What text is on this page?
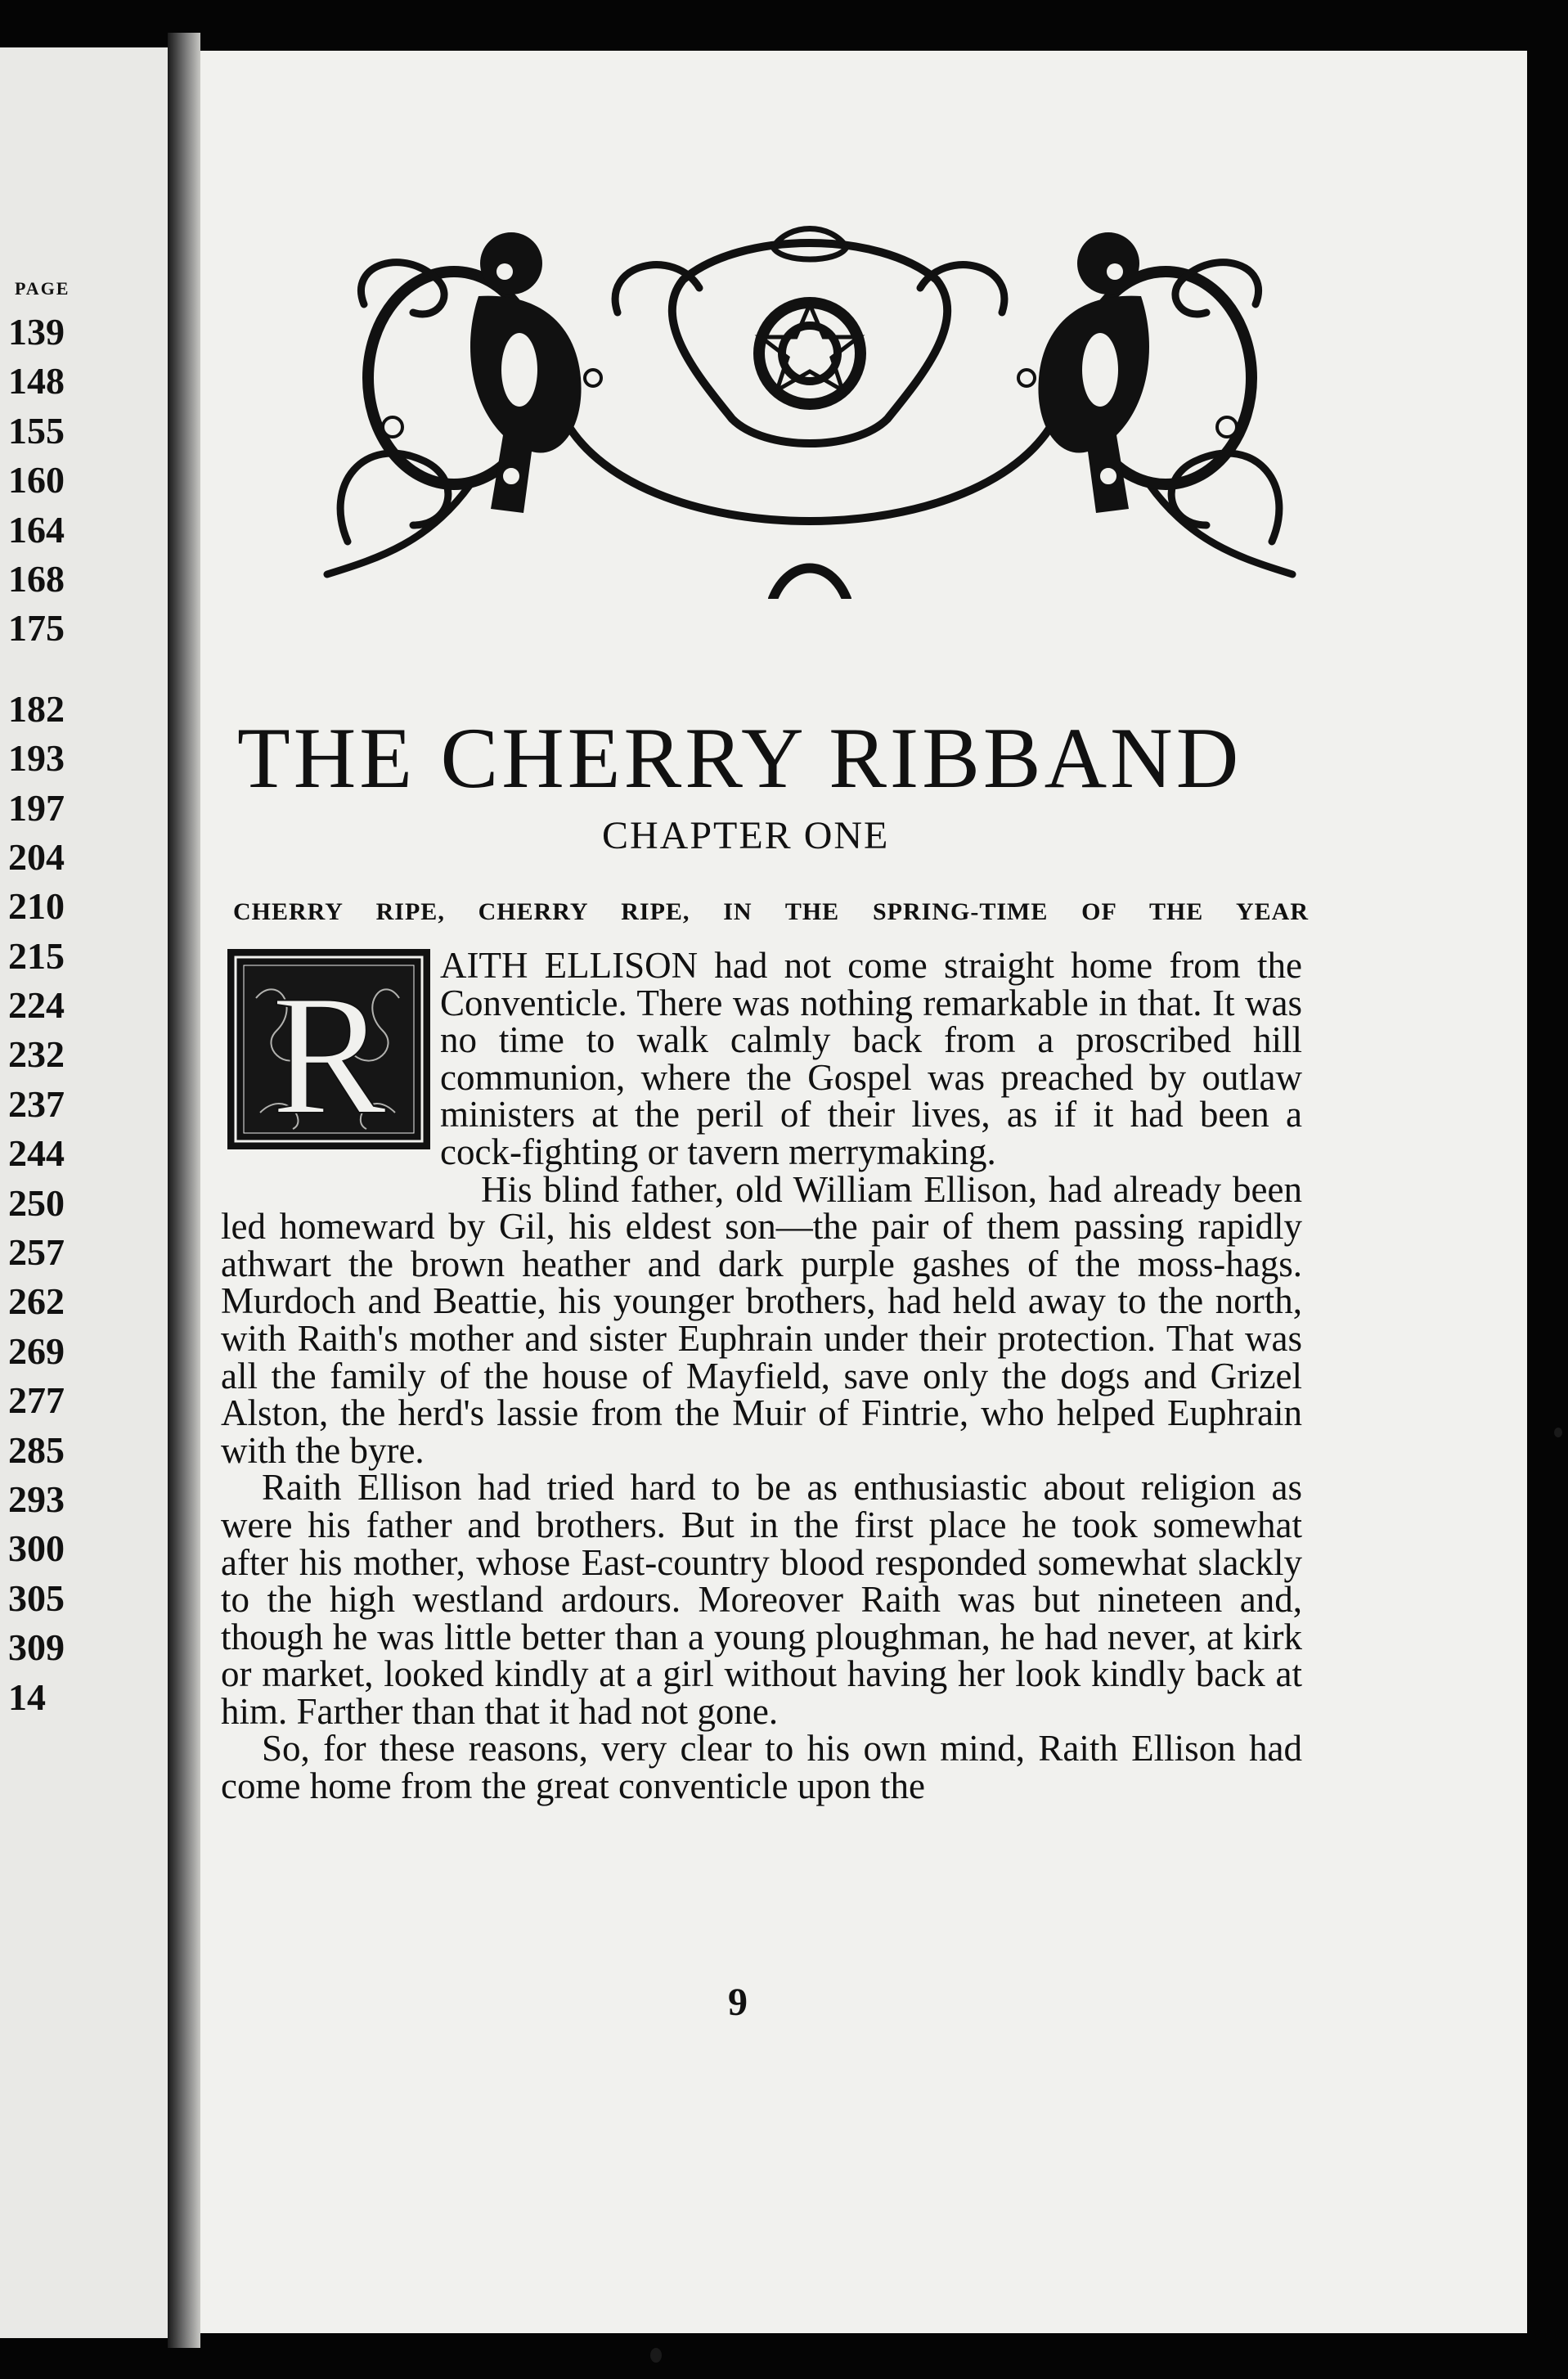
PAGE
139
148
155
160
164
168
175
182
193
197
204
210
215
224
232
237
244
250
257
262
269
277
285
293
300
305
309
14
THE CHERRY RIBBAND
CHAPTER ONE
CHERRY RIPE, CHERRY RIPE, IN THE SPRING-TIME OF THE YEAR
R	AITH ELLISON had not come straight home from the Conventicle. There was nothing remarkable in that. It was no time to walk calmly back from a proscribed hill communion, where the Gospel was preached by outlaw ministers at the peril of their lives, as if it had been a cock-fighting or tavern merrymaking.

His blind father, old William Ellison, had already been led homeward by Gil, his eldest son—the pair of them passing rapidly athwart the brown heather and dark purple gashes of the moss-hags. Murdoch and Beattie, his younger brothers, had held away to the north, with Raith's mother and sister Euphrain under their protection. That was all the family of the house of Mayfield, save only the dogs and Grizel Alston, the herd's lassie from the Muir of Fintrie, who helped Euphrain with the byre.

Raith Ellison had tried hard to be as enthusiastic about religion as were his father and brothers. But in the first place he took somewhat after his mother, whose East-country blood responded somewhat slackly to the high westland ardours. Moreover Raith was but nineteen and, though he was little better than a young ploughman, he had never, at kirk or market, looked kindly at a girl without having her look kindly back at him. Farther than that it had not gone.

So, for these reasons, very clear to his own mind, Raith Ellison had come home from the great conventicle upon the

9
